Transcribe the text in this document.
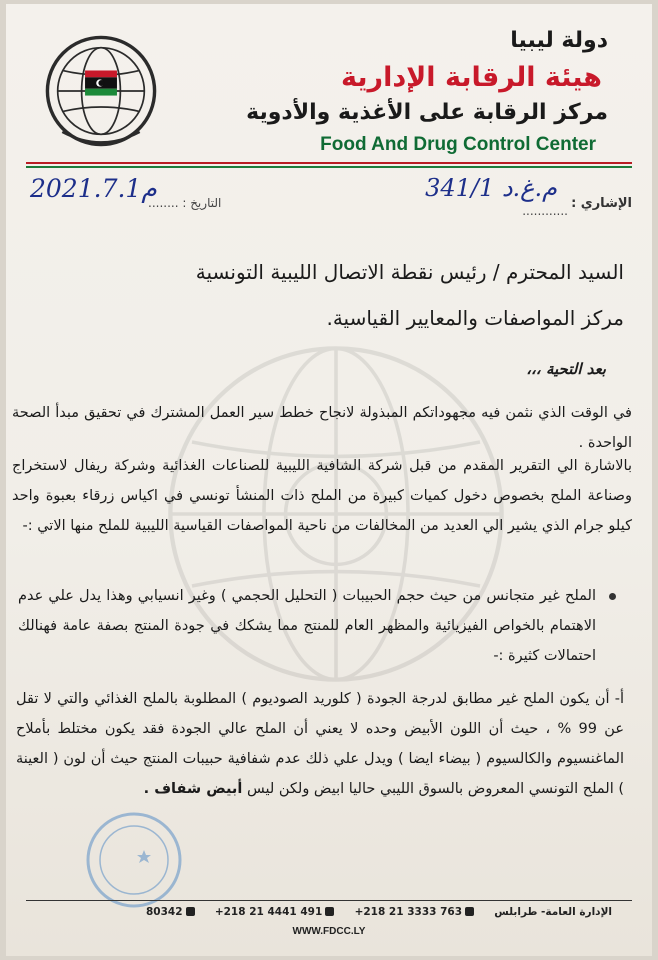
دولة ليبيا
هيئة الرقابة الإدارية
مركز الرقابة على الأغذية والأدوية
Food And Drug Control Center
الإشاري :
م.غ.د 341/1
............
التاريخ : ........
2021.7.1م
السيد المحترم / رئيس نقطة الاتصال الليبية التونسية
مركز المواصفات والمعايير القياسية.
بعد التحية ،،،
في الوقت الذي نثمن فيه مجهوداتكم المبذولة لانجاح خطط سير العمل المشترك في تحقيق مبدأ الصحة الواحدة .
بالاشارة الي التقرير المقدم من قبل شركة الشافية الليبية للصناعات الغذائية وشركة ريفال لاستخراج وصناعة الملح بخصوص دخول كميات كبيرة من الملح ذات المنشأ تونسي في اكياس زرقاء بعبوة واحد كيلو جرام الذي يشير الي العديد من المخالفات من ناحية المواصفات القياسية الليبية للملح منها الاتي :-
الملح غير متجانس من حيث حجم الحبيبات ( التحليل الحجمي ) وغير انسيابي وهذا يدل علي عدم الاهتمام بالخواص الفيزيائية والمظهر العام للمنتج مما يشكك في جودة المنتج بصفة عامة فهنالك احتمالات كثيرة :-
أ- أن يكون الملح غير مطابق لدرجة الجودة ( كلوريد الصوديوم ) المطلوبة بالملح الغذائي والتي لا تقل عن 99 % ، حيث أن اللون الأبيض وحده لا يعني أن الملح عالي الجودة فقد يكون مختلط بأملاح الماغنسيوم والكالسيوم ( بيضاء ايضا ) ويدل علي ذلك عدم شفافية حبيبات المنتج حيث أن لون ( العينة ) الملح التونسي المعروض بالسوق الليبي حاليا ابيض ولكن ليس أبيض شفاف .
الإدارة العامة- طرابلس
+218 21 3333 763
+218 21 4441 491
80342
WWW.FDCC.LY
